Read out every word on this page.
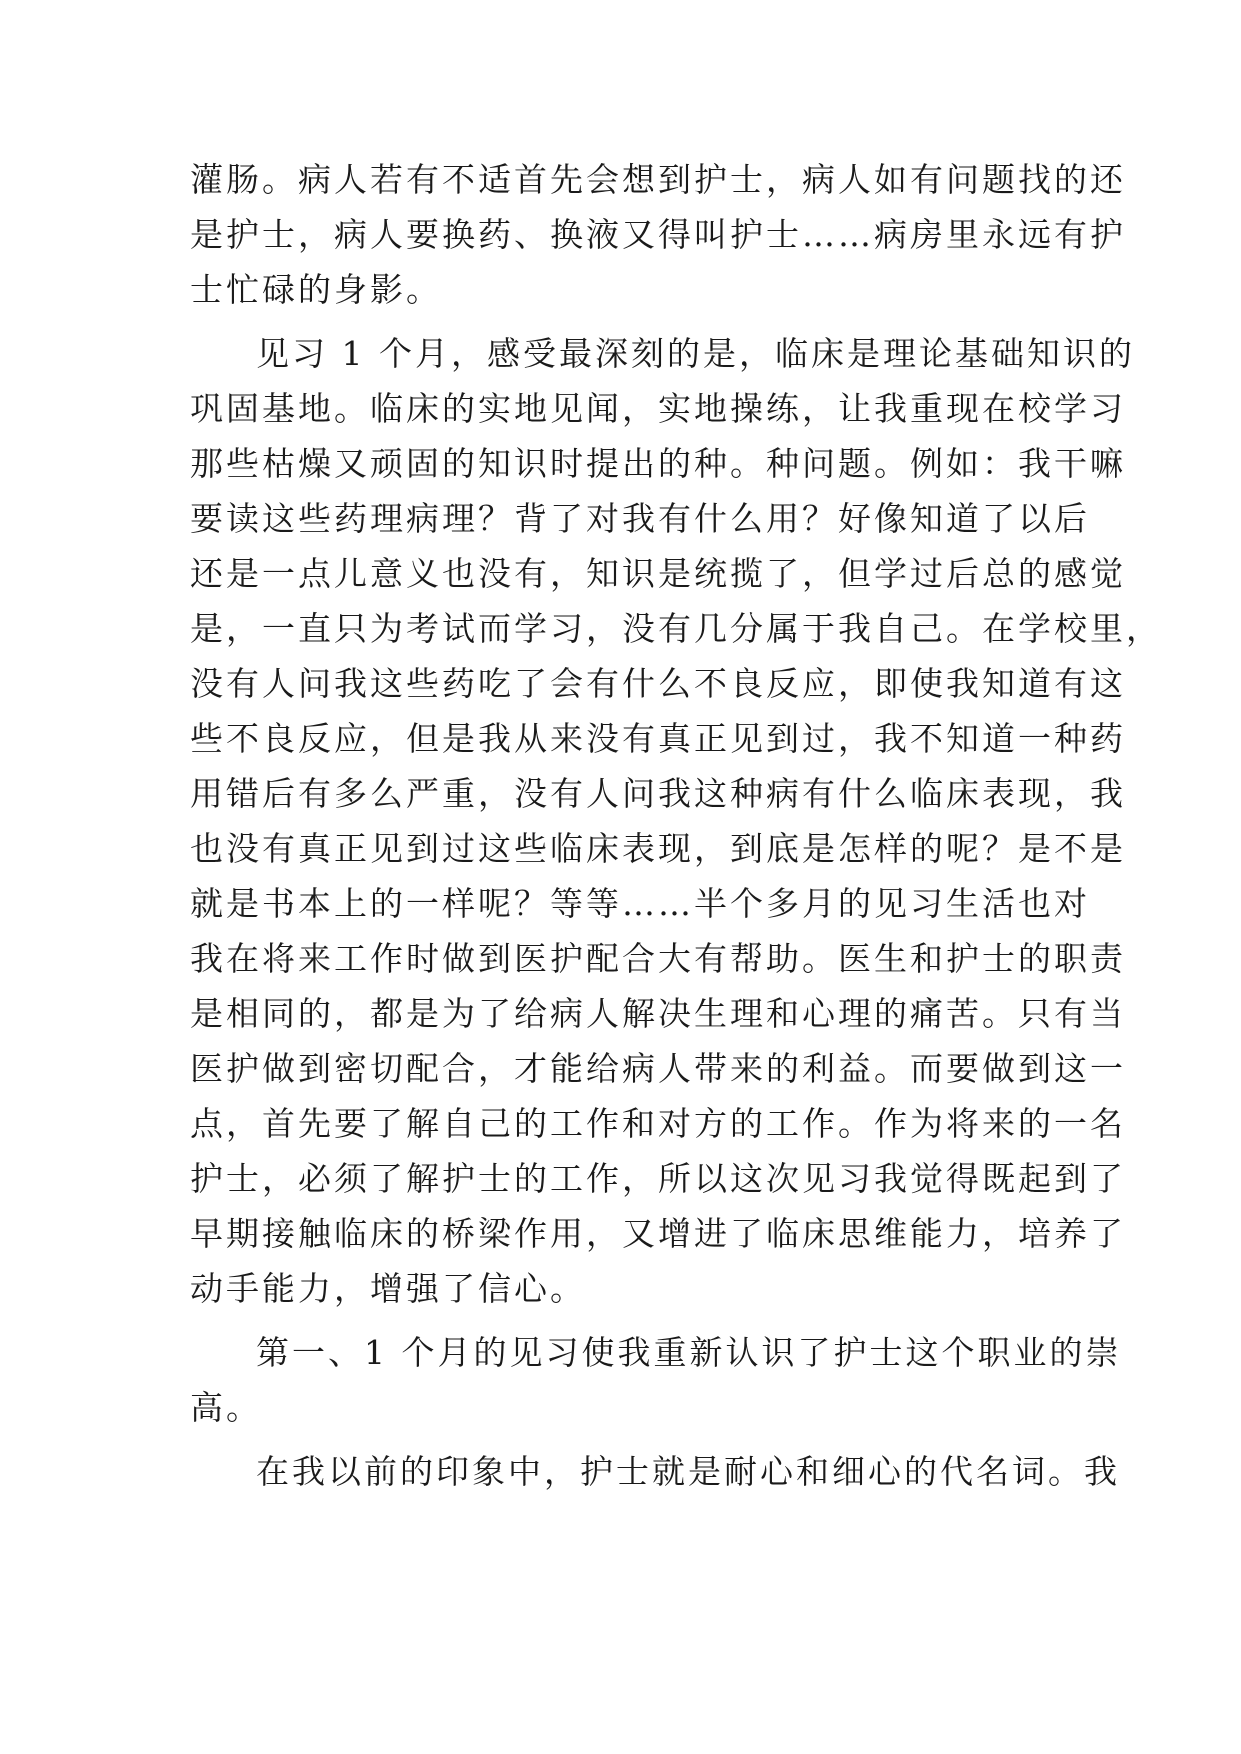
灌肠。病人若有不适首先会想到护士，病人如有问题找的还
是护士，病人要换药、换液又得叫护士……病房里永远有护
士忙碌的身影。
见习 1 个月，感受最深刻的是，临床是理论基础知识的
巩固基地。临床的实地见闻，实地操练，让我重现在校学习
那些枯燥又顽固的知识时提出的种。种问题。例如：我干嘛
要读这些药理病理？背了对我有什么用？好像知道了以后
还是一点儿意义也没有，知识是统揽了，但学过后总的感觉
是，一直只为考试而学习，没有几分属于我自己。在学校里，
没有人问我这些药吃了会有什么不良反应，即使我知道有这
些不良反应，但是我从来没有真正见到过，我不知道一种药
用错后有多么严重，没有人问我这种病有什么临床表现，我
也没有真正见到过这些临床表现，到底是怎样的呢？是不是
就是书本上的一样呢？等等……半个多月的见习生活也对
我在将来工作时做到医护配合大有帮助。医生和护士的职责
是相同的，都是为了给病人解决生理和心理的痛苦。只有当
医护做到密切配合，才能给病人带来的利益。而要做到这一
点，首先要了解自己的工作和对方的工作。作为将来的一名
护士，必须了解护士的工作，所以这次见习我觉得既起到了
早期接触临床的桥梁作用，又增进了临床思维能力，培养了
动手能力，增强了信心。
第一、1 个月的见习使我重新认识了护士这个职业的崇
高。
在我以前的印象中，护士就是耐心和细心的代名词。我
